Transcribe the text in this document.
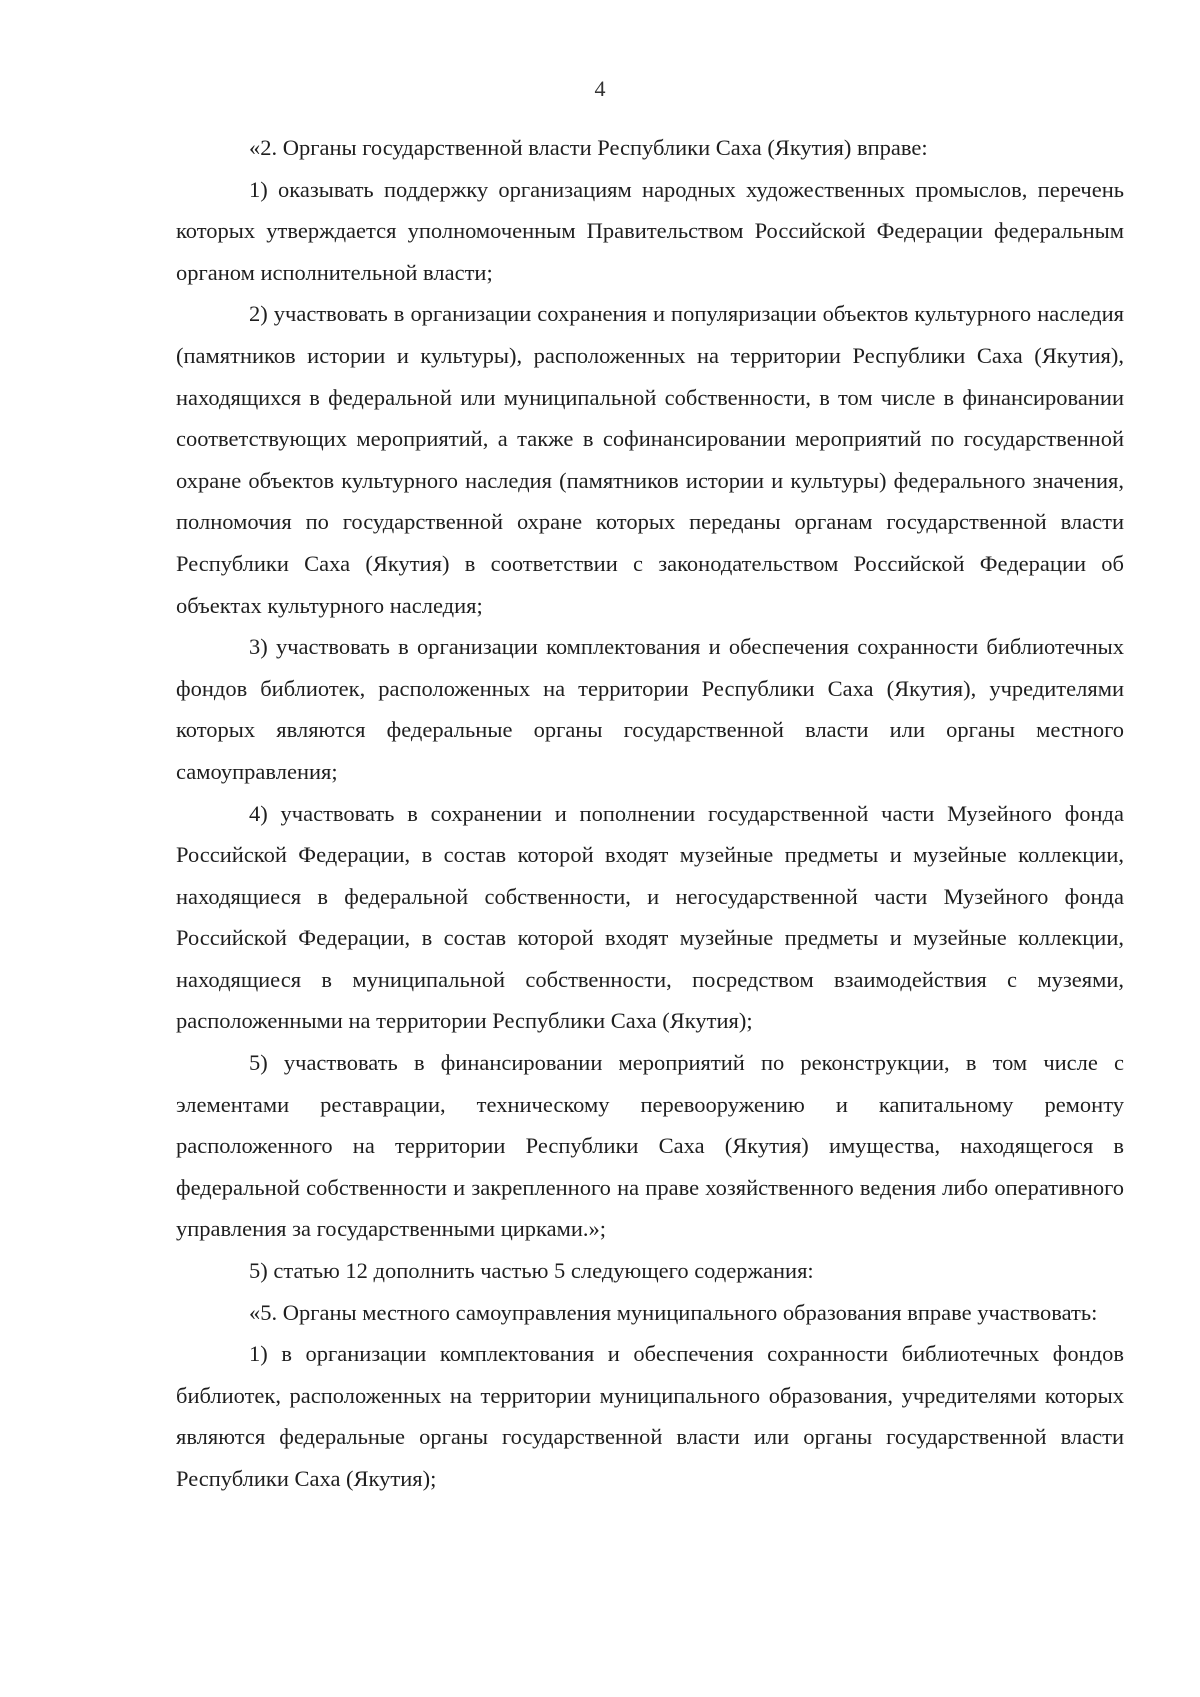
4

«2. Органы государственной власти Республики Саха (Якутия) вправе:

1) оказывать поддержку организациям народных художественных промыслов, перечень которых утверждается уполномоченным Правительством Российской Федерации федеральным органом исполнительной власти;

2) участвовать в организации сохранения и популяризации объектов культурного наследия (памятников истории и культуры), расположенных на территории Республики Саха (Якутия), находящихся в федеральной или муниципальной собственности, в том числе в финансировании соответствующих мероприятий, а также в софинансировании мероприятий по государственной охране объектов культурного наследия (памятников истории и культуры) федерального значения, полномочия по государственной охране которых переданы органам государственной власти Республики Саха (Якутия) в соответствии с законодательством Российской Федерации об объектах культурного наследия;

3) участвовать в организации комплектования и обеспечения сохранности библиотечных фондов библиотек, расположенных на территории Республики Саха (Якутия), учредителями которых являются федеральные органы государственной власти или органы местного самоуправления;

4) участвовать в сохранении и пополнении государственной части Музейного фонда Российской Федерации, в состав которой входят музейные предметы и музейные коллекции, находящиеся в федеральной собственности, и негосударственной части Музейного фонда Российской Федерации, в состав которой входят музейные предметы и музейные коллекции, находящиеся в муниципальной собственности, посредством взаимодействия с музеями, расположенными на территории Республики Саха (Якутия);

5) участвовать в финансировании мероприятий по реконструкции, в том числе с элементами реставрации, техническому перевооружению и капитальному ремонту расположенного на территории Республики Саха (Якутия) имущества, находящегося в федеральной собственности и закрепленного на праве хозяйственного ведения либо оперативного управления за государственными цирками.»;

5) статью 12 дополнить частью 5 следующего содержания:

«5. Органы местного самоуправления муниципального образования вправе участвовать:

1) в организации комплектования и обеспечения сохранности библиотечных фондов библиотек, расположенных на территории муниципального образования, учредителями которых являются федеральные органы государственной власти или органы государственной власти Республики Саха (Якутия);
